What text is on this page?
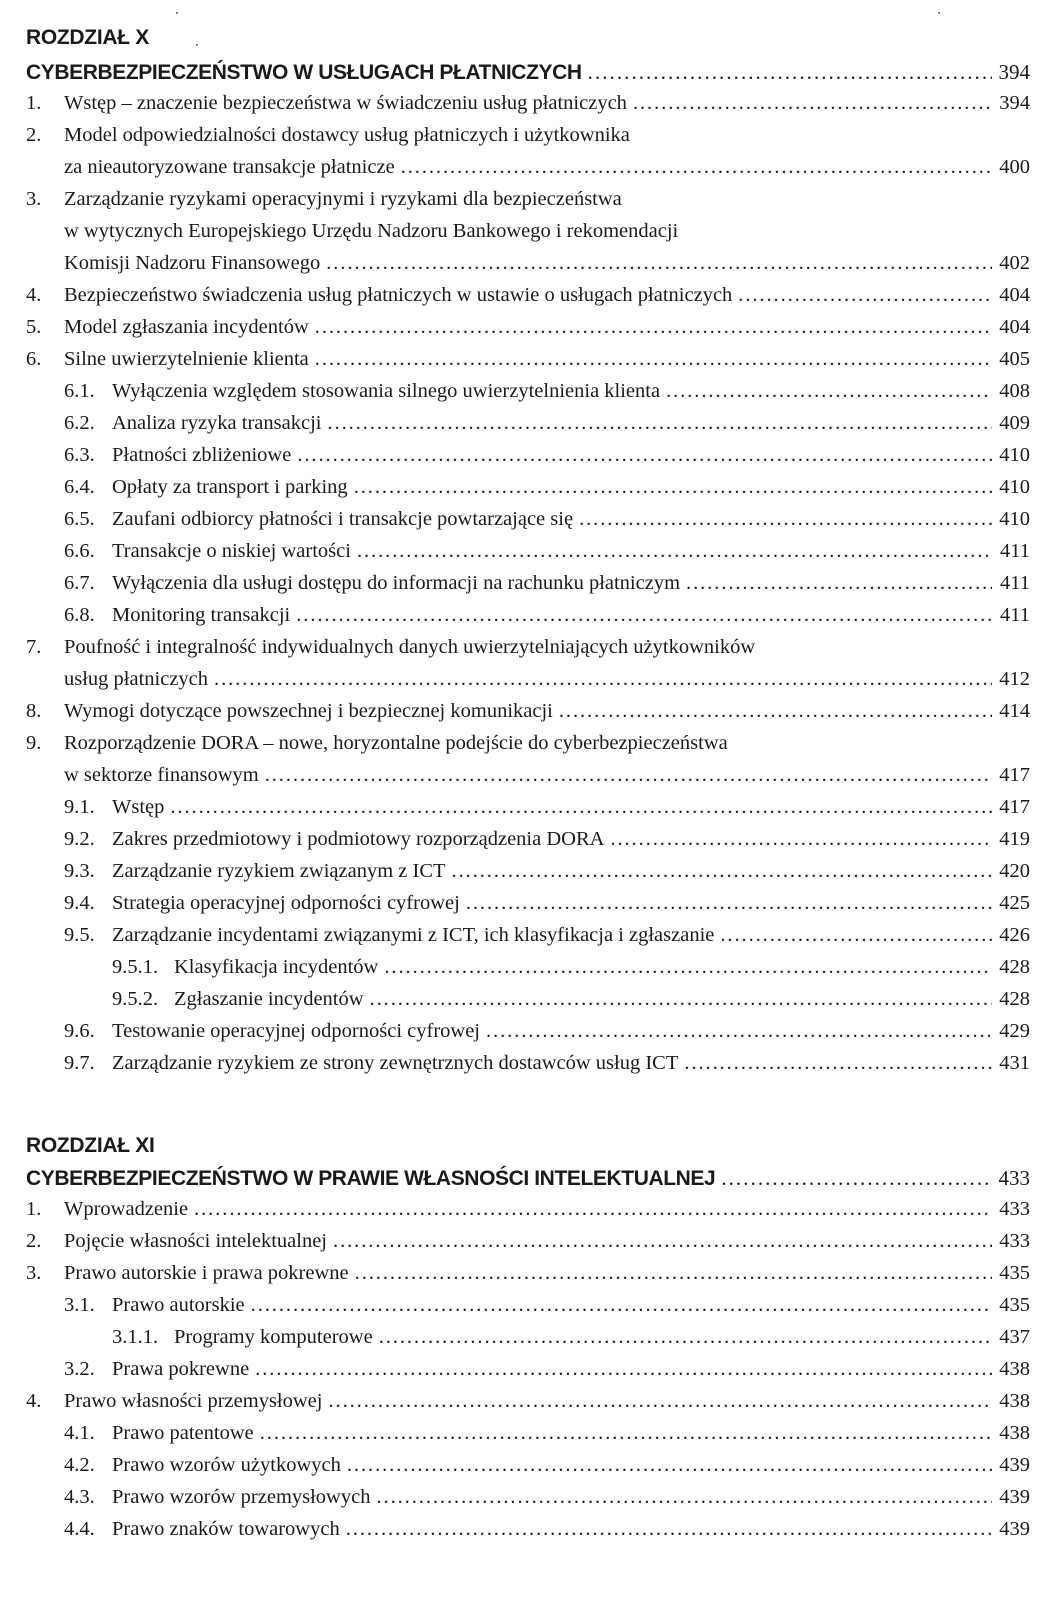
ROZDZIAŁ X
CYBERBEZPIECZEŃSTWO W USŁUGACH PŁATNICZYCH . . .	394
1.	Wstęp – znaczenie bezpieczeństwa w świadczeniu usług płatniczych . . .	394
2.	Model odpowiedzialności dostawcy usług płatniczych i użytkownika
za nieautoryzowane transakcje płatnicze . . .	400
3.	Zarządzanie ryzykami operacyjnymi i ryzykami dla bezpieczeństwa
w wytycznych Europejskiego Urzędu Nadzoru Bankowego i rekomendacji
Komisji Nadzoru Finansowego . . .	402
4.	Bezpieczeństwo świadczenia usług płatniczych w ustawie o usługach płatniczych . . .	404
5.	Model zgłaszania incydentów . . .	404
6.	Silne uwierzytelnienie klienta . . .	405
6.1. Wyłączenia względem stosowania silnego uwierzytelnienia klienta . . .	408
6.2. Analiza ryzyka transakcji . . .	409
6.3. Płatności zbliżeniowe . . .	410
6.4. Opłaty za transport i parking . . .	410
6.5. Zaufani odbiorcy płatności i transakcje powtarzające się . . .	410
6.6. Transakcje o niskiej wartości . . .	411
6.7. Wyłączenia dla usługi dostępu do informacji na rachunku płatniczym . . .	411
6.8. Monitoring transakcji . . .	411
7.	Poufność i integralność indywidualnych danych uwierzytelniających użytkowników
usług płatniczych . . .	412
8.	Wymogi dotyczące powszechnej i bezpiecznej komunikacji . . .	414
9.	Rozporządzenie DORA – nowe, horyzontalne podejście do cyberbezpieczeństwa
w sektorze finansowym . . .	417
9.1. Wstęp . . .	417
9.2. Zakres przedmiotowy i podmiotowy rozporządzenia DORA . . .	419
9.3. Zarządzanie ryzykiem związanym z ICT . . .	420
9.4. Strategia operacyjnej odporności cyfrowej . . .	425
9.5. Zarządzanie incydentami związanymi z ICT, ich klasyfikacja i zgłaszanie . . .	426
9.5.1. Klasyfikacja incydentów . . .	428
9.5.2. Zgłaszanie incydentów . . .	428
9.6. Testowanie operacyjnej odporności cyfrowej . . .	429
9.7. Zarządzanie ryzykiem ze strony zewnętrznych dostawców usług ICT . . .	431
ROZDZIAŁ XI
CYBERBEZPIECZEŃSTWO W PRAWIE WŁASNOŚCI INTELEKTUALNEJ . . .	433
1.	Wprowadzenie . . .	433
2.	Pojęcie własności intelektualnej . . .	433
3.	Prawo autorskie i prawa pokrewne . . .	435
3.1. Prawo autorskie . . .	435
3.1.1. Programy komputerowe . . .	437
3.2. Prawa pokrewne . . .	438
4.	Prawo własności przemysłowej . . .	438
4.1. Prawo patentowe . . .	438
4.2. Prawo wzorów użytkowych . . .	439
4.3. Prawo wzorów przemysłowych . . .	439
4.4. Prawo znaków towarowych . . .	439
